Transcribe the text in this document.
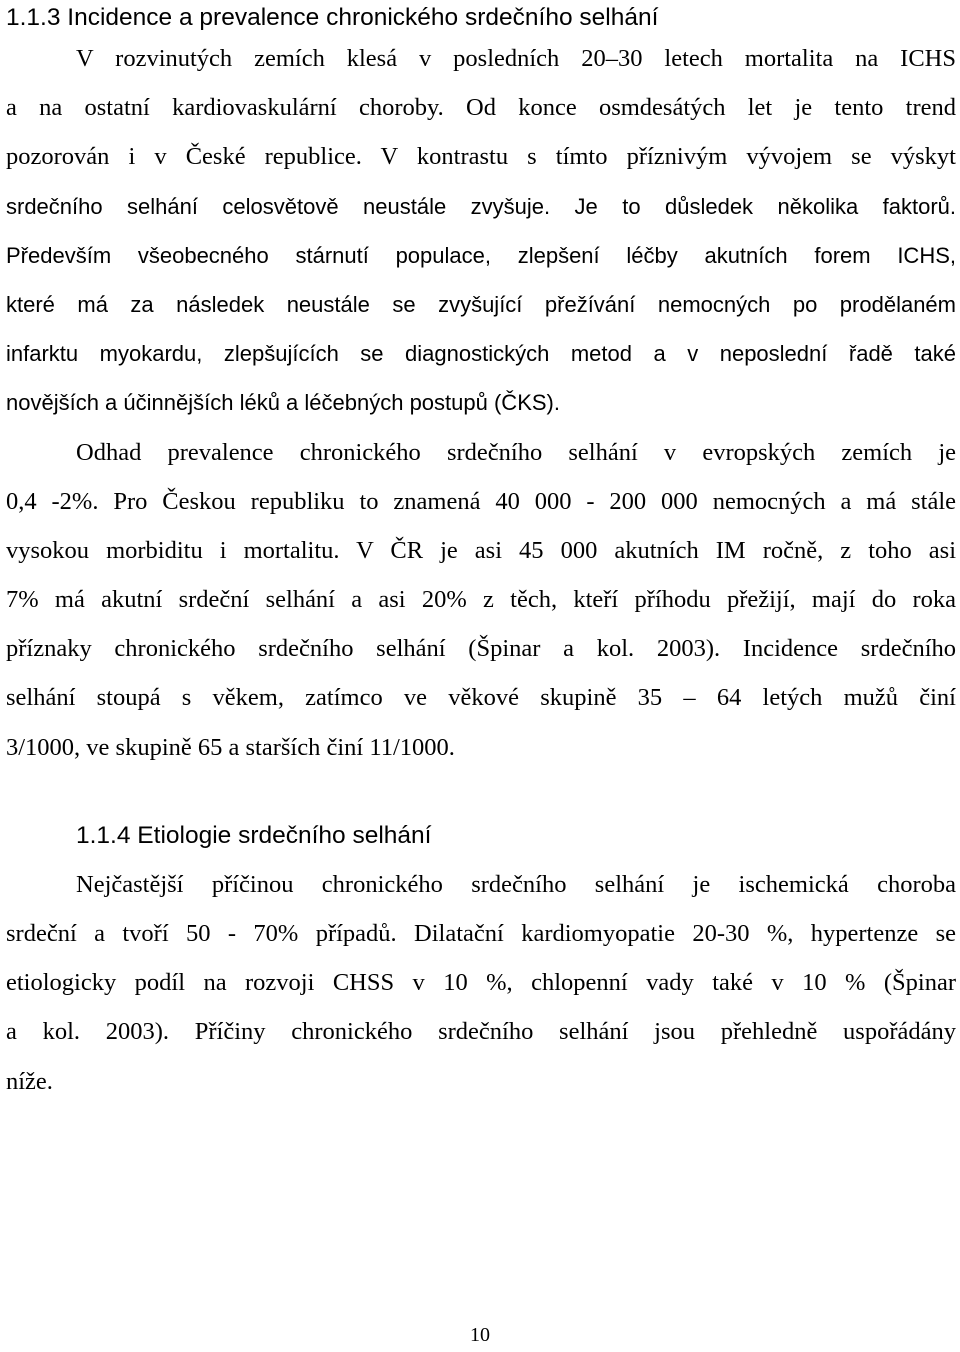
1.1.3 Incidence a prevalence chronického srdečního selhání
V rozvinutých zemích klesá v posledních 20–30 letech mortalita na ICHS
a na ostatní kardiovaskulární choroby. Od konce osmdesátých let je tento trend
pozorován i v České republice. V kontrastu s tímto příznivým vývojem se výskyt
srdečního selhání celosvětově neustále zvyšuje. Je to důsledek několika faktorů.
Především všeobecného stárnutí populace, zlepšení léčby akutních forem ICHS,
které má za následek neustále se zvyšující přežívání nemocných po prodělaném
infarktu myokardu, zlepšujících se diagnostických metod a v neposlední řadě také
novějších a účinnějších léků a léčebných postupů (ČKS).
Odhad prevalence chronického srdečního selhání v evropských zemích je
0,4 -2%. Pro Českou republiku to znamená 40 000 - 200 000 nemocných a má stále
vysokou morbiditu i mortalitu. V ČR je asi 45 000 akutních IM ročně, z toho asi
7% má akutní srdeční selhání a asi 20% z těch, kteří příhodu přežijí, mají do roka
příznaky chronického srdečního selhání (Špinar a kol. 2003). Incidence srdečního
selhání stoupá s věkem, zatímco ve věkové skupině 35 – 64 letých mužů činí
3/1000, ve skupině 65 a starších činí 11/1000.
1.1.4 Etiologie srdečního selhání
Nejčastější příčinou chronického srdečního selhání je ischemická choroba
srdeční a tvoří 50 - 70% případů. Dilatační kardiomyopatie 20-30 %, hypertenze se
etiologicky podíl na rozvoji CHSS v 10 %, chlopenní vady také v 10 % (Špinar
a kol. 2003). Příčiny chronického srdečního selhání jsou přehledně uspořádány
níže.
10
